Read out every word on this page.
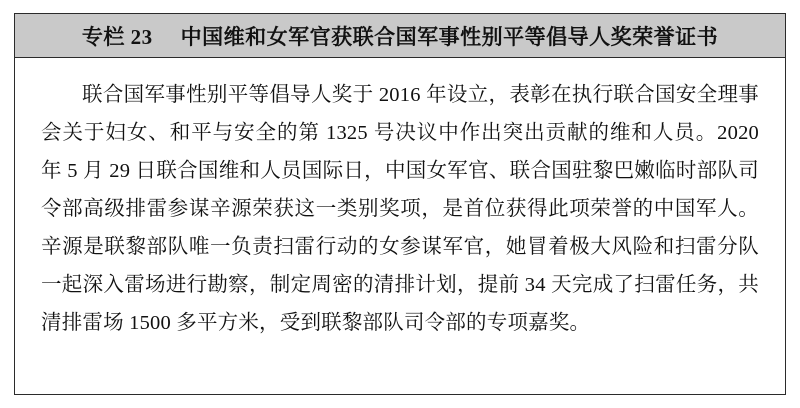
专栏 23 中国维和女军官获联合国军事性别平等倡导人奖荣誉证书

联合国军事性别平等倡导人奖于 2016 年设立，表彰在执行联合国安全理事会关于妇女、和平与安全的第 1325 号决议中作出突出贡献的维和人员。2020 年 5 月 29 日联合国维和人员国际日，中国女军官、联合国驻黎巴嫩临时部队司令部高级排雷参谋辛源荣获这一类别奖项，是首位获得此项荣誉的中国军人。辛源是联黎部队唯一负责扫雷行动的女参谋军官，她冒着极大风险和扫雷分队一起深入雷场进行勘察，制定周密的清排计划，提前 34 天完成了扫雷任务，共清排雷场 1500 多平方米，受到联黎部队司令部的专项嘉奖。
